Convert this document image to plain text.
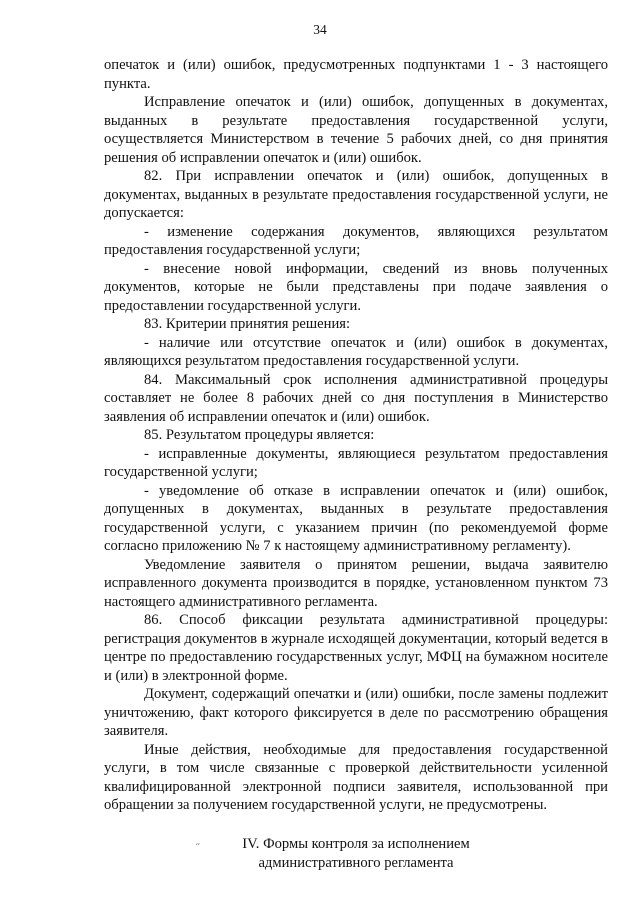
34

опечаток и (или) ошибок, предусмотренных подпунктами 1 - 3 настоящего пункта.

Исправление опечаток и (или) ошибок, допущенных в документах, выданных в результате предоставления государственной услуги, осуществляется Министерством в течение 5 рабочих дней, со дня принятия решения об исправлении опечаток и (или) ошибок.

82. При исправлении опечаток и (или) ошибок, допущенных в документах, выданных в результате предоставления государственной услуги, не допускается:

- изменение содержания документов, являющихся результатом предоставления государственной услуги;

- внесение новой информации, сведений из вновь полученных документов, которые не были представлены при подаче заявления о предоставлении государственной услуги.

83. Критерии принятия решения:

- наличие или отсутствие опечаток и (или) ошибок в документах, являющихся результатом предоставления государственной услуги.

84. Максимальный срок исполнения административной процедуры составляет не более 8 рабочих дней со дня поступления в Министерство заявления об исправлении опечаток и (или) ошибок.

85. Результатом процедуры является:

- исправленные документы, являющиеся результатом предоставления государственной услуги;

- уведомление об отказе в исправлении опечаток и (или) ошибок, допущенных в документах, выданных в результате предоставления государственной услуги, с указанием причин (по рекомендуемой форме согласно приложению № 7 к настоящему административному регламенту).

Уведомление заявителя о принятом решении, выдача заявителю исправленного документа производится в порядке, установленном пунктом 73 настоящего административного регламента.

86. Способ фиксации результата административной процедуры: регистрация документов в журнале исходящей документации, который ведется в центре по предоставлению государственных услуг, МФЦ на бумажном носителе и (или) в электронной форме.

Документ, содержащий опечатки и (или) ошибки, после замены подлежит уничтожению, факт которого фиксируется в деле по рассмотрению обращения заявителя.

Иные действия, необходимые для предоставления государственной услуги, в том числе связанные с проверкой действительности усиленной квалифицированной электронной подписи заявителя, использованной при обращении за получением государственной услуги, не предусмотрены.

IV. Формы контроля за исполнением
административного регламента
˝
